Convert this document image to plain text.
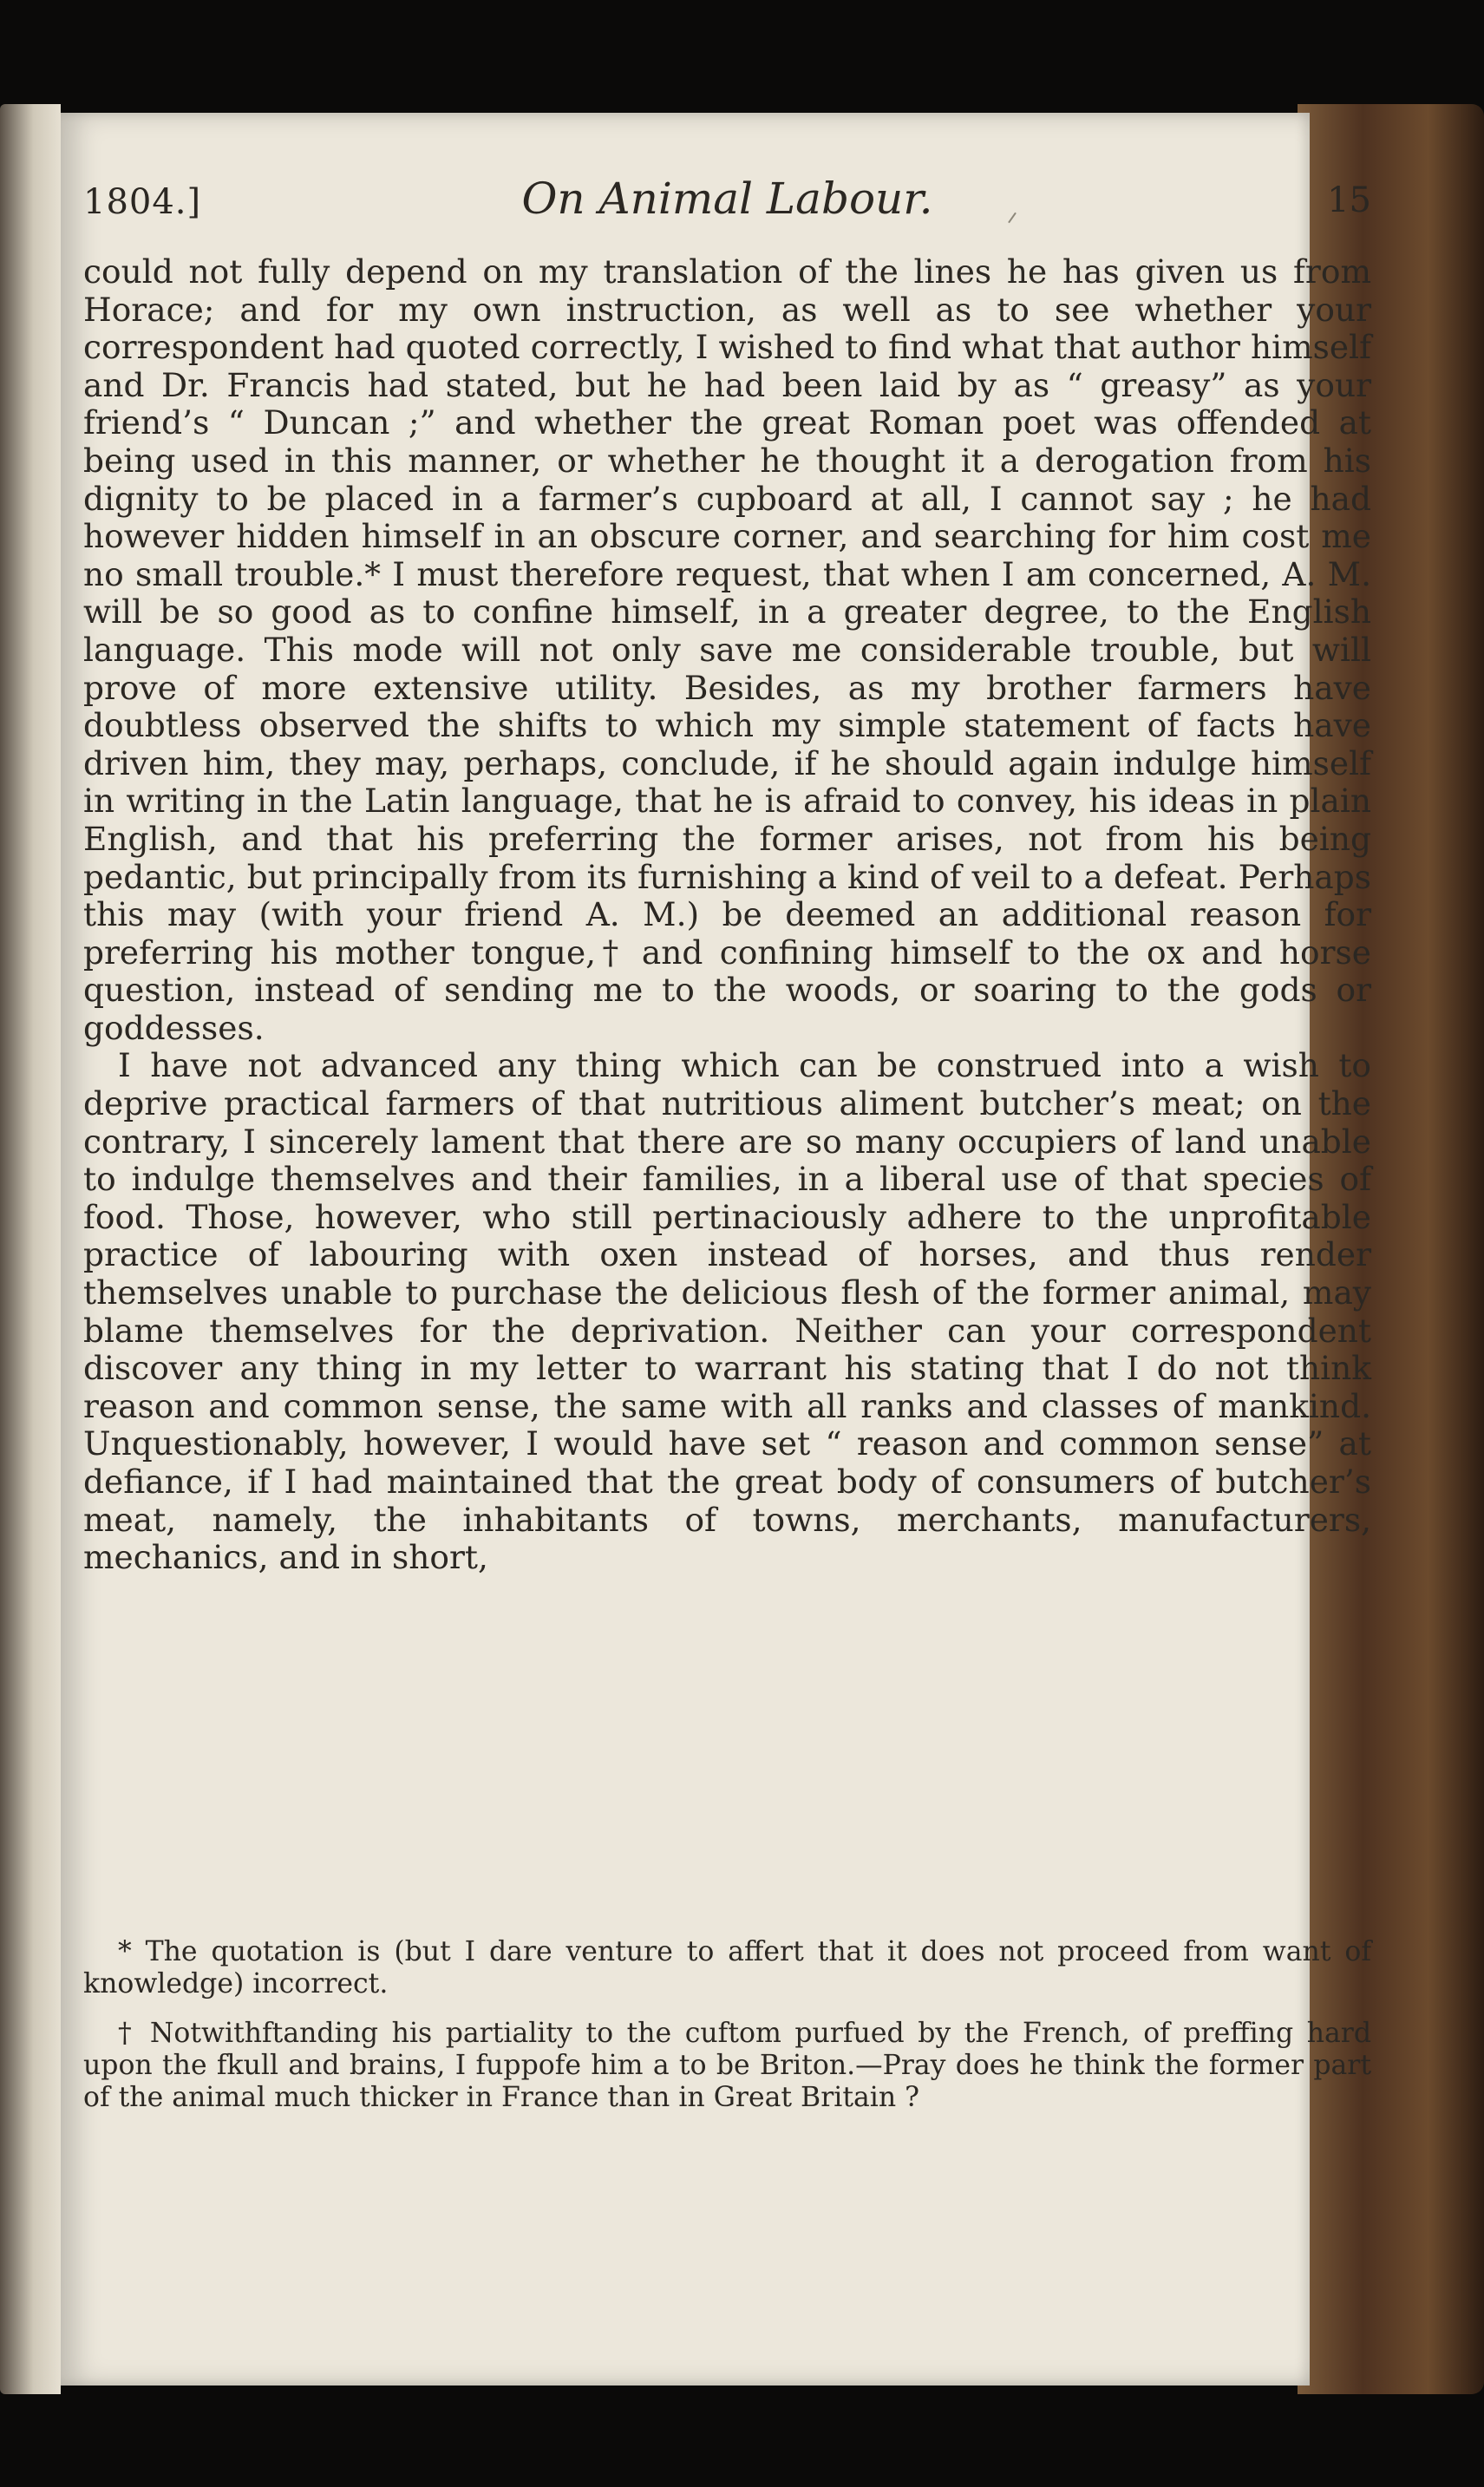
1804.]	On Animal Labour.	15

could not fully depend on my translation of the lines he has given us from Horace; and for my own instruction, as well as to see whether your correspondent had quoted correctly, I wished to find what that author himself and Dr. Francis had stated, but he had been laid by as “ greasy” as your friend’s “ Duncan ;” and whether the great Roman poet was offended at being used in this manner, or whether he thought it a derogation from his dignity to be placed in a farmer’s cupboard at all, I cannot say ; he had however hidden himself in an obscure corner, and searching for him cost me no small trouble.* I must therefore request, that when I am concerned, A. M. will be so good as to confine himself, in a greater degree, to the English language. This mode will not only save me considerable trouble, but will prove of more extensive utility. Besides, as my brother farmers have doubtless observed the shifts to which my simple statement of facts have driven him, they may, perhaps, conclude, if he should again indulge himself in writing in the Latin language, that he is afraid to convey, his ideas in plain English, and that his preferring the former arises, not from his being pedantic, but principally from its furnishing a kind of veil to a defeat. Perhaps this may (with your friend A. M.) be deemed an additional reason for preferring his mother tongue,† and confining himself to the ox and horse question, instead of sending me to the woods, or soaring to the gods or goddesses.

I have not advanced any thing which can be construed into a wish to deprive practical farmers of that nutritious aliment butcher’s meat; on the contrary, I sincerely lament that there are so many occupiers of land unable to indulge themselves and their families, in a liberal use of that species of food. Those, however, who still pertinaciously adhere to the unprofitable practice of labouring with oxen instead of horses, and thus render themselves unable to purchase the delicious flesh of the former animal, may blame themselves for the deprivation. Neither can your correspondent discover any thing in my letter to warrant his stating that I do not think reason and common sense, the same with all ranks and classes of mankind. Unquestionably, however, I would have set “ reason and common sense” at defiance, if I had maintained that the great body of consumers of butcher’s meat, namely, the inhabitants of towns, merchants, manufacturers, mechanics, and in short,

* The quotation is (but I dare venture to affert that it does not proceed from want of knowledge) incorrect.

† Notwithftanding his partiality to the cuftom purfued by the French, of preffing hard upon the fkull and brains, I fuppofe him a to be Briton.—Pray does he think the former part of the animal much thicker in France than in Great Britain ?
